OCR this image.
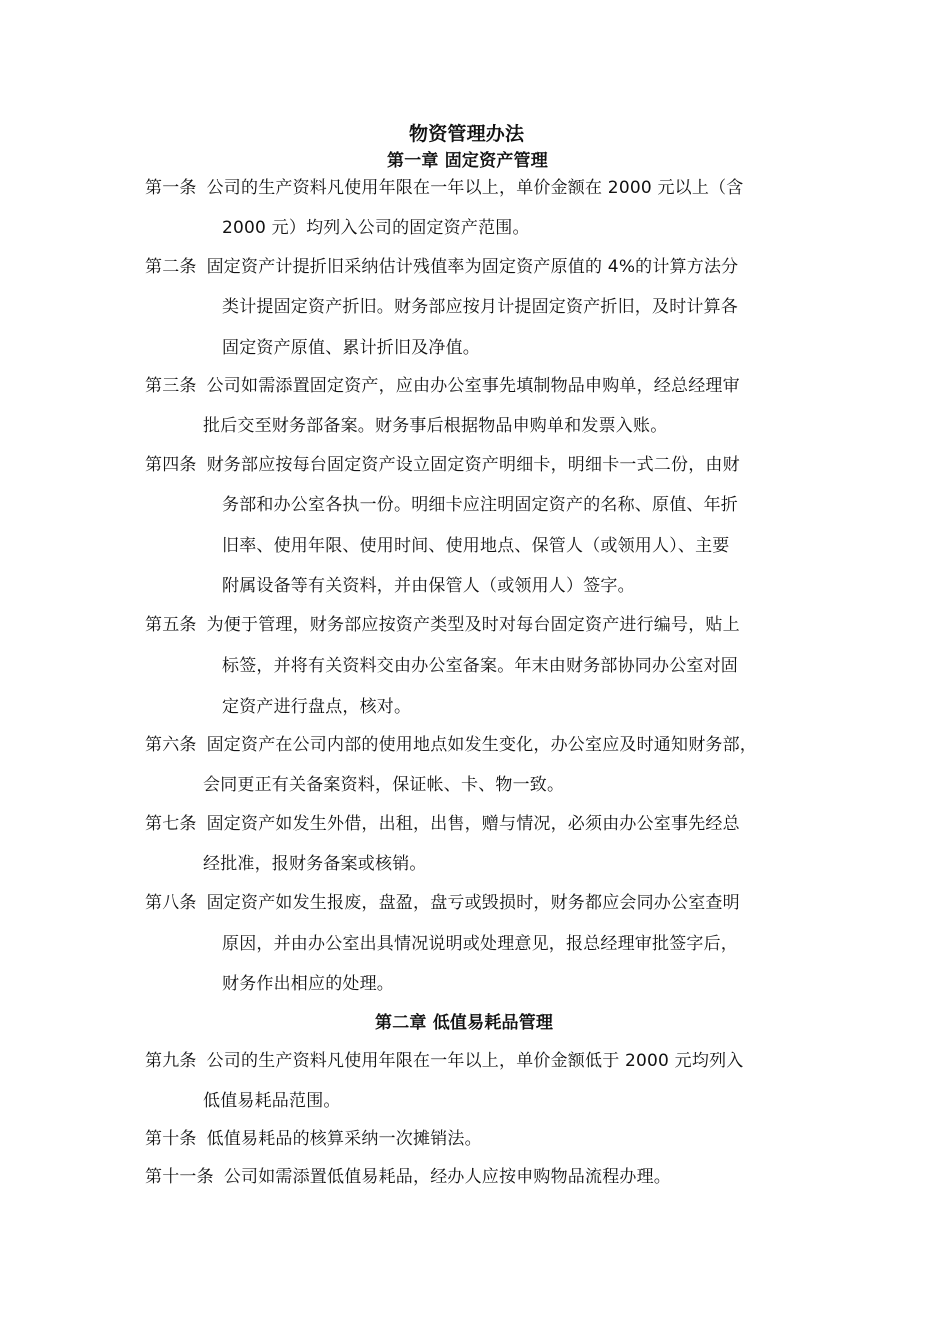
物资管理办法
第一章 固定资产管理
第一条 公司的生产资料凡使用年限在一年以上，单价金额在 2000 元以上（含
2000 元）均列入公司的固定资产范围。
第二条 固定资产计提折旧采纳估计残值率为固定资产原值的 4%的计算方法分
类计提固定资产折旧。财务部应按月计提固定资产折旧，及时计算各
固定资产原值、累计折旧及净值。
第三条 公司如需添置固定资产，应由办公室事先填制物品申购单，经总经理审
批后交至财务部备案。财务事后根据物品申购单和发票入账。
第四条 财务部应按每台固定资产设立固定资产明细卡，明细卡一式二份，由财
务部和办公室各执一份。明细卡应注明固定资产的名称、原值、年折
旧率、使用年限、使用时间、使用地点、保管人（或领用人）、主要
附属设备等有关资料，并由保管人（或领用人）签字。
第五条 为便于管理，财务部应按资产类型及时对每台固定资产进行编号，贴上
标签，并将有关资料交由办公室备案。年末由财务部协同办公室对固
定资产进行盘点，核对。
第六条 固定资产在公司内部的使用地点如发生变化，办公室应及时通知财务部，
会同更正有关备案资料，保证帐、卡、物一致。
第七条 固定资产如发生外借，出租，出售，赠与情况，必须由办公室事先经总
经批准，报财务备案或核销。
第八条 固定资产如发生报废，盘盈，盘亏或毁损时，财务都应会同办公室查明
原因，并由办公室出具情况说明或处理意见，报总经理审批签字后，
财务作出相应的处理。
第二章 低值易耗品管理
第九条 公司的生产资料凡使用年限在一年以上，单价金额低于 2000 元均列入
低值易耗品范围。
第十条 低值易耗品的核算采纳一次摊销法。
第十一条 公司如需添置低值易耗品，经办人应按申购物品流程办理。
